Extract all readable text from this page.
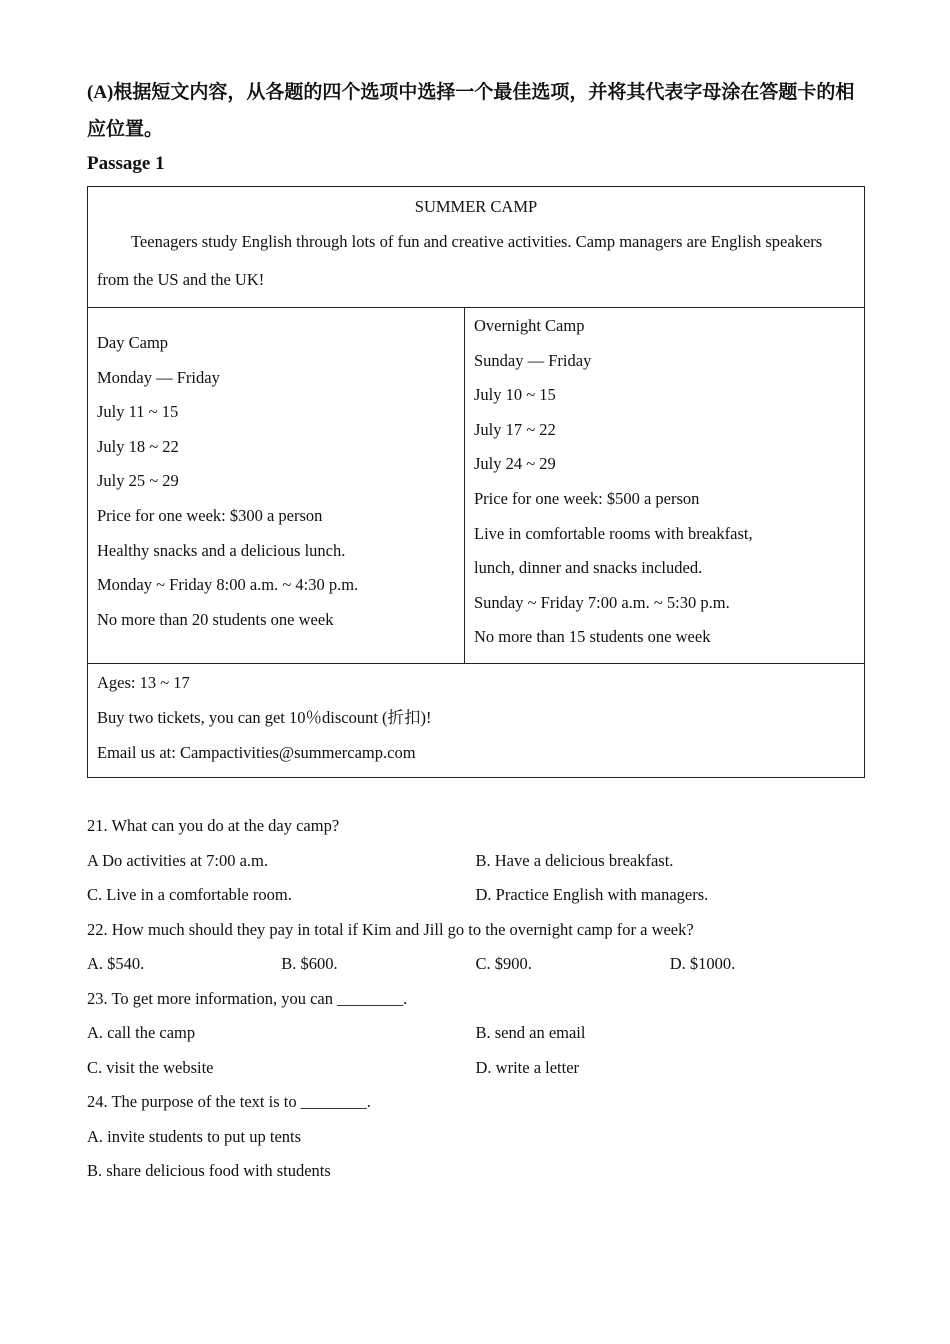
(A)根据短文内容，从各题的四个选项中选择一个最佳选项，并将其代表字母涂在答题卡的相应位置。

Passage 1

SUMMER CAMP

Teenagers study English through lots of fun and creative activities. Camp managers are English speakers from the US and the UK!

Day Camp
Monday — Friday
July 11 ~ 15
July 18 ~ 22
July 25 ~ 29
Price for one week: $300 a person
Healthy snacks and a delicious lunch.
Monday ~ Friday 8:00 a.m. ~ 4:30 p.m.
No more than 20 students one week

Overnight Camp
Sunday — Friday
July 10 ~ 15
July 17 ~ 22
July 24 ~ 29
Price for one week: $500 a person
Live in comfortable rooms with breakfast,
lunch, dinner and snacks included.
Sunday ~ Friday 7:00 a.m. ~ 5:30 p.m.
No more than 15 students one week

Ages: 13 ~ 17
Buy two tickets, you can get 10％discount (折扣)!
Email us at: Campactivities@summercamp.com
21. What can you do at the day camp?
A Do activities at 7:00 a.m.	B. Have a delicious breakfast.
C. Live in a comfortable room.	D. Practice English with managers.
22. How much should they pay in total if Kim and Jill go to the overnight camp for a week?
A. $540.	B. $600.	C. $900.	D. $1000.
23. To get more information, you can ________.
A. call the camp	B. send an email
C. visit the website	D. write a letter
24. The purpose of the text is to ________.
A. invite students to put up tents
B. share delicious food with students
